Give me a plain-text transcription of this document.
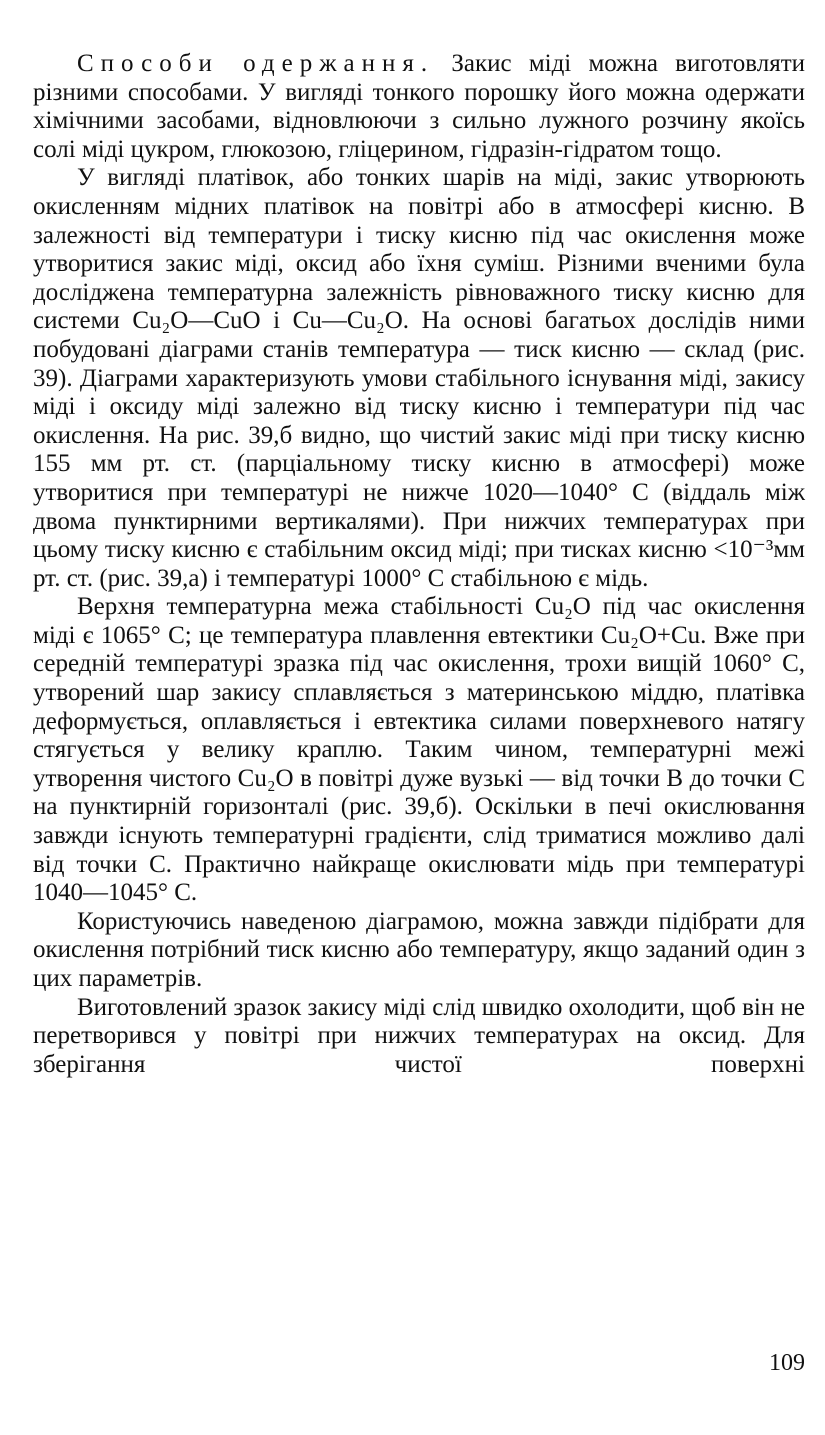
Способи одержання. Закис міді можна виготовляти різними способами. У вигляді тонкого порошку його можна одержати хімічними засобами, відновлюючи з сильно лужного розчину якоїсь солі міді цукром, глюкозою, гліцерином, гідразін-гідратом тощо.

У вигляді платівок, або тонких шарів на міді, закис утворюють окисленням мідних платівок на повітрі або в атмосфері кисню. В залежності від температури і тиску кисню під час окислення може утворитися закис міді, оксид або їхня суміш. Різними вченими була досліджена температурна залежність рівноважного тиску кисню для системи Cu₂O—CuO і Cu—Cu₂O. На основі багатьох дослідів ними побудовані діаграми станів температура — тиск кисню — склад (рис. 39). Діаграми характеризують умови стабільного існування міді, закису міді і оксиду міді залежно від тиску кисню і температури під час окислення. На рис. 39,б видно, що чистий закис міді при тиску кисню 155 мм рт. ст. (парціальному тиску кисню в атмосфері) може утворитися при температурі не нижче 1020—1040° С (віддаль між двома пунктирними вертикалями). При нижчих температурах при цьому тиску кисню є стабільним оксид міді; при тисках кисню <10⁻³мм рт. ст. (рис. 39,а) і температурі 1000° С стабільною є мідь.

Верхня температурна межа стабільності Cu₂O під час окислення міді є 1065° С; це температура плавлення евтектики Cu₂O+Cu. Вже при середній температурі зразка під час окислення, трохи вищій 1060° С, утворений шар закису сплавляється з материнською міддю, платівка деформується, оплавляється і евтектика силами поверхневого натягу стягується у велику краплю. Таким чином, температурні межі утворення чистого Cu₂O в повітрі дуже вузькі — від точки В до точки С на пунктирній горизонталі (рис. 39,б). Оскільки в печі окислювання завжди існують температурні градієнти, слід триматися можливо далі від точки С. Практично найкраще окислювати мідь при температурі 1040—1045° С.

Користуючись наведеною діаграмою, можна завжди підібрати для окислення потрібний тиск кисню або температуру, якщо заданий один з цих параметрів.

Виготовлений зразок закису міді слід швидко охолодити, щоб він не перетворився у повітрі при нижчих температурах на оксид. Для зберігання чистої поверхні

109
